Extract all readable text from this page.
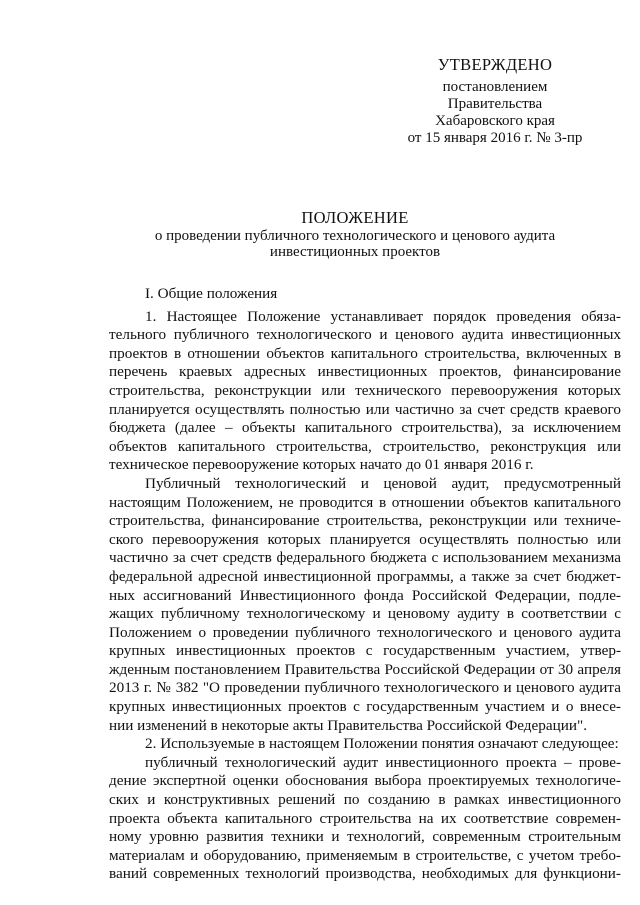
УТВЕРЖДЕНО
постановлением
Правительства
Хабаровского края
от 15 января 2016 г. № 3-пр
ПОЛОЖЕНИЕ
о проведении публичного технологического и ценового аудита
инвестиционных проектов
I. Общие положения
1. Настоящее Положение устанавливает порядок проведения обяза-
тельного публичного технологического и ценового аудита инвестиционных
проектов в отношении объектов капитального строительства, включенных в
перечень краевых адресных инвестиционных проектов, финансирование
строительства, реконструкции или технического перевооружения которых
планируется осуществлять полностью или частично за счет средств краевого
бюджета (далее – объекты капитального строительства), за исключением
объектов капитального строительства, строительство, реконструкция или
техническое перевооружение которых начато до 01 января 2016 г.
Публичный технологический и ценовой аудит, предусмотренный
настоящим Положением, не проводится в отношении объектов капитального
строительства, финансирование строительства, реконструкции или техниче-
ского перевооружения которых планируется осуществлять полностью или
частично за счет средств федерального бюджета с использованием механизма
федеральной адресной инвестиционной программы, а также за счет бюджет-
ных ассигнований Инвестиционного фонда Российской Федерации, подле-
жащих публичному технологическому и ценовому аудиту в соответствии с
Положением о проведении публичного технологического и ценового аудита
крупных инвестиционных проектов с государственным участием, утвер-
жденным постановлением Правительства Российской Федерации от 30 апреля
2013 г. № 382 "О проведении публичного технологического и ценового аудита
крупных инвестиционных проектов с государственным участием и о внесе-
нии изменений в некоторые акты Правительства Российской Федерации".
2. Используемые в настоящем Положении понятия означают следующее:
публичный технологический аудит инвестиционного проекта – прове-
дение экспертной оценки обоснования выбора проектируемых технологиче-
ских и конструктивных решений по созданию в рамках инвестиционного
проекта объекта капитального строительства на их соответствие современ-
ному уровню развития техники и технологий, современным строительным
материалам и оборудованию, применяемым в строительстве, с учетом требо-
ваний современных технологий производства, необходимых для функциони-
